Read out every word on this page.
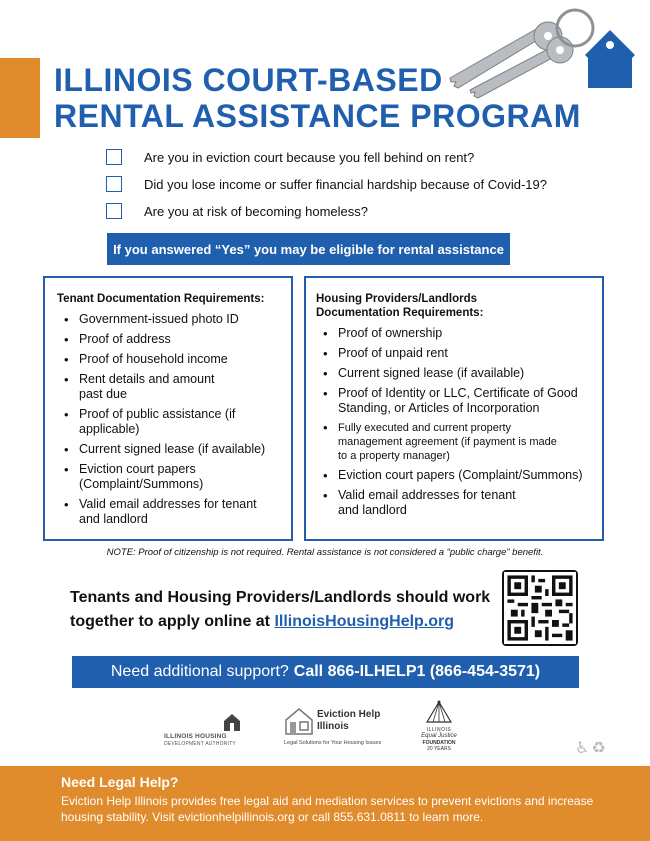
ILLINOIS COURT-BASED
RENTAL ASSISTANCE PROGRAM
Are you in eviction court because you fell behind on rent?
Did you lose income or suffer financial hardship because of Covid-19?
Are you at risk of becoming homeless?
If you answered “Yes” you may be eligible for rental assistance
Tenant Documentation Requirements:
• Government-issued photo ID
• Proof of address
• Proof of household income
• Rent details and amount past due
• Proof of public assistance (if applicable)
• Current signed lease (if available)
• Eviction court papers (Complaint/Summons)
• Valid email addresses for tenant and landlord
Housing Providers/Landlords Documentation Requirements:
• Proof of ownership
• Proof of unpaid rent
• Current signed lease (if available)
• Proof of Identity or LLC, Certificate of Good Standing, or Articles of Incorporation
• Fully executed and current property management agreement (if payment is made to a property manager)
• Eviction court papers (Complaint/Summons)
• Valid email addresses for tenant and landlord
NOTE: Proof of citizenship is not required. Rental assistance is not considered a “public charge” benefit.
Tenants and Housing Providers/Landlords should work together to apply online at IllinoisHousingHelp.org
Need additional support? Call 866-ILHELP1 (866-454-3571)
ILLINOIS HOUSING
DEVELOPMENT AUTHORITY
Eviction Help
Illinois
Legal Solutions for Your Housing Issues
ILLINOIS
Equal Justice
FOUNDATION
20 YEARS	♿♻
Need Legal Help?
Eviction Help Illinois provides free legal aid and mediation services to prevent evictions and increase housing stability. Visit evictionhelpillinois.org or call 855.631.0811 to learn more.
